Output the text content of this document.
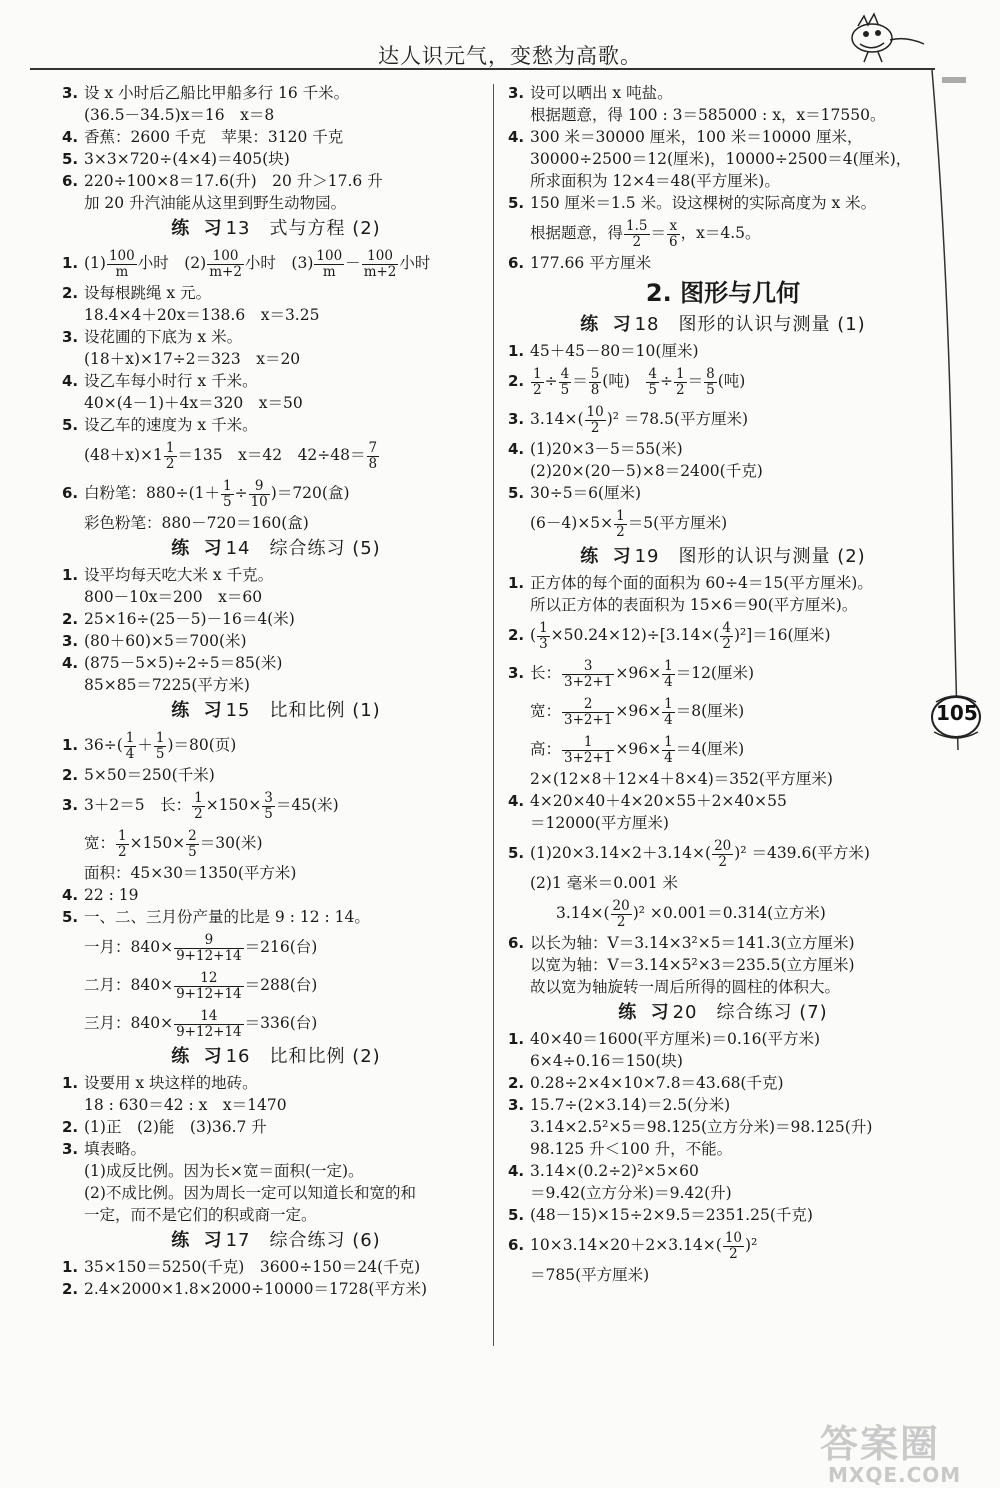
达人识元气，变愁为高歌。
105
3. 设 x 小时后乙船比甲船多行 16 千米。
(36.5－34.5)x＝16　x＝8
4. 香蕉：2600 千克　苹果：3120 千克
5. 3×3×720÷(4×4)＝405(块)
6. 220÷100×8＝17.6(升)　20 升＞17.6 升
加 20 升汽油能从这里到野生动物园。
练 习13　式与方程 (2)
1. $(1) \frac{100}{m}$ 小时　$(2) \frac{100}{m+2}$ 小时　$(3) \frac{100}{m} - \frac{100}{m+2}$ 小时
2. 设每根跳绳 x 元。
18.4×4＋20x＝138.6　x＝3.25
3. 设花圃的下底为 x 米。
(18＋x)×17÷2＝323　x＝20
4. 设乙车每小时行 x 千米。
40×(4－1)＋4x＝320　x＝50
5. 设乙车的速度为 x 千米。
$(48+x)\times 1 \frac{1}{2} =135$　x＝42　$42\div 48= \frac{7}{8}$
6. 白粉笔：$880\div(1+ \frac{1}{5} \div \frac{9}{10} )=720$(盒)
彩色粉笔：880－720＝160(盒)
练 习14　综合练习 (5)
1. 设平均每天吃大米 x 千克。
800－10x＝200　x＝60
2. 25×16÷(25－5)－16＝4(米)
3. (80＋60)×5＝700(米)
4. (875－5×5)÷2÷5＝85(米)
85×85＝7225(平方米)
练 习15　比和比例 (1)
1. $36\div( \frac{1}{4} + \frac{1}{5} )=80$(页)
2. 5×50＝250(千米)
3. 3＋2＝5　长： $\frac{1}{2} \times 150\times \frac{3}{5} =45$(米)
宽： $\frac{1}{2} \times 150\times \frac{2}{5} =30$(米)
面积：45×30＝1350(平方米)
4. 22 : 19
5. 一、二、三月份产量的比是 9 : 12 : 14。
一月：$840\times \frac{9}{9+12+14} =216$(台)
二月：$840\times \frac{12}{9+12+14} =288$(台)
三月：$840\times \frac{14}{9+12+14} =336$(台)
练 习16　比和比例 (2)
1. 设要用 x 块这样的地砖。
18 : 630＝42 : x　x＝1470
2. (1)正　(2)能　(3)36.7 升
3. 填表略。
(1)成反比例。因为长×宽＝面积(一定)。
(2)不成比例。因为周长一定可以知道长和宽的和
一定，而不是它们的积或商一定。
练 习17　综合练习 (6)
1. 35×150＝5250(千克)　3600÷150＝24(千克)
2. 2.4×2000×1.8×2000÷10000＝1728(平方米)
3. 设可以晒出 x 吨盐。
根据题意，得 100 : 3＝585000 : x，x＝17550。
4. 300 米＝30000 厘米，100 米＝10000 厘米，
30000÷2500＝12(厘米)，10000÷2500＝4(厘米)，
所求面积为 12×4＝48(平方厘米)。
5. 150 厘米＝1.5 米。设这棵树的实际高度为 x 米。
根据题意，得 $\frac{1.5}{2} = \frac{x}{6}$ ，x＝4.5。
6. 177.66 平方厘米
2. 图形与几何
练 习18　图形的认识与测量 (1)
1. 45＋45－80＝10(厘米)
2. $\frac{1}{2} \div \frac{4}{5} = \frac{5}{8}$ (吨)　 $\frac{4}{5} \div \frac{1}{2} = \frac{8}{5}$ (吨)
3. $3.14\times( \frac{10}{2} )^2 =78.5$(平方厘米)
4. (1)20×3－5＝55(米)
(2)20×(20－5)×8＝2400(千克)
5. 30÷5＝6(厘米)
$(6-4)\times 5\times \frac{1}{2} =5$(平方厘米)
练 习19　图形的认识与测量 (2)
1. 正方体的每个面的面积为 60÷4＝15(平方厘米)。
所以正方体的表面积为 15×6＝90(平方厘米)。
2. ( $\frac{1}{3} \times 50.24\times 12)\div[3.14\times( \frac{4}{2} )^2]=16$(厘米)
3. 长： $\frac{3}{3+2+1} \times 96\times \frac{1}{4} =12$(厘米)
宽： $\frac{2}{3+2+1} \times 96\times \frac{1}{4} =8$(厘米)
高： $\frac{1}{3+2+1} \times 96\times \frac{1}{4} =4$(厘米)
2×(12×8＋12×4＋8×4)＝352(平方厘米)
4. 4×20×40＋4×20×55＋2×40×55
＝12000(平方厘米)
5. $(1)20\times 3.14\times 2+3.14\times( \frac{20}{2} )^2 =439.6$(平方米)
(2)1 毫米＝0.001 米
$3.14\times( \frac{20}{2} )^2 \times 0.001=0.314$(立方米)
6. 以长为轴：V＝3.14×3²×5＝141.3(立方厘米)
以宽为轴：V＝3.14×5²×3＝235.5(立方厘米)
故以宽为轴旋转一周后所得的圆柱的体积大。
练 习20　综合练习 (7)
1. 40×40＝1600(平方厘米)＝0.16(平方米)
6×4÷0.16＝150(块)
2. 0.28÷2×4×10×7.8＝43.68(千克)
3. 15.7÷(2×3.14)＝2.5(分米)
3.14×2.5²×5＝98.125(立方分米)＝98.125(升)
98.125 升＜100 升，不能。
4. 3.14×(0.2÷2)²×5×60
＝9.42(立方分米)＝9.42(升)
5. (48－15)×15÷2×9.5＝2351.25(千克)
6. $10\times 3.14\times 20+2\times 3.14\times( \frac{10}{2} )^2$
＝785(平方厘米)
答案圈
MXQE.COM
